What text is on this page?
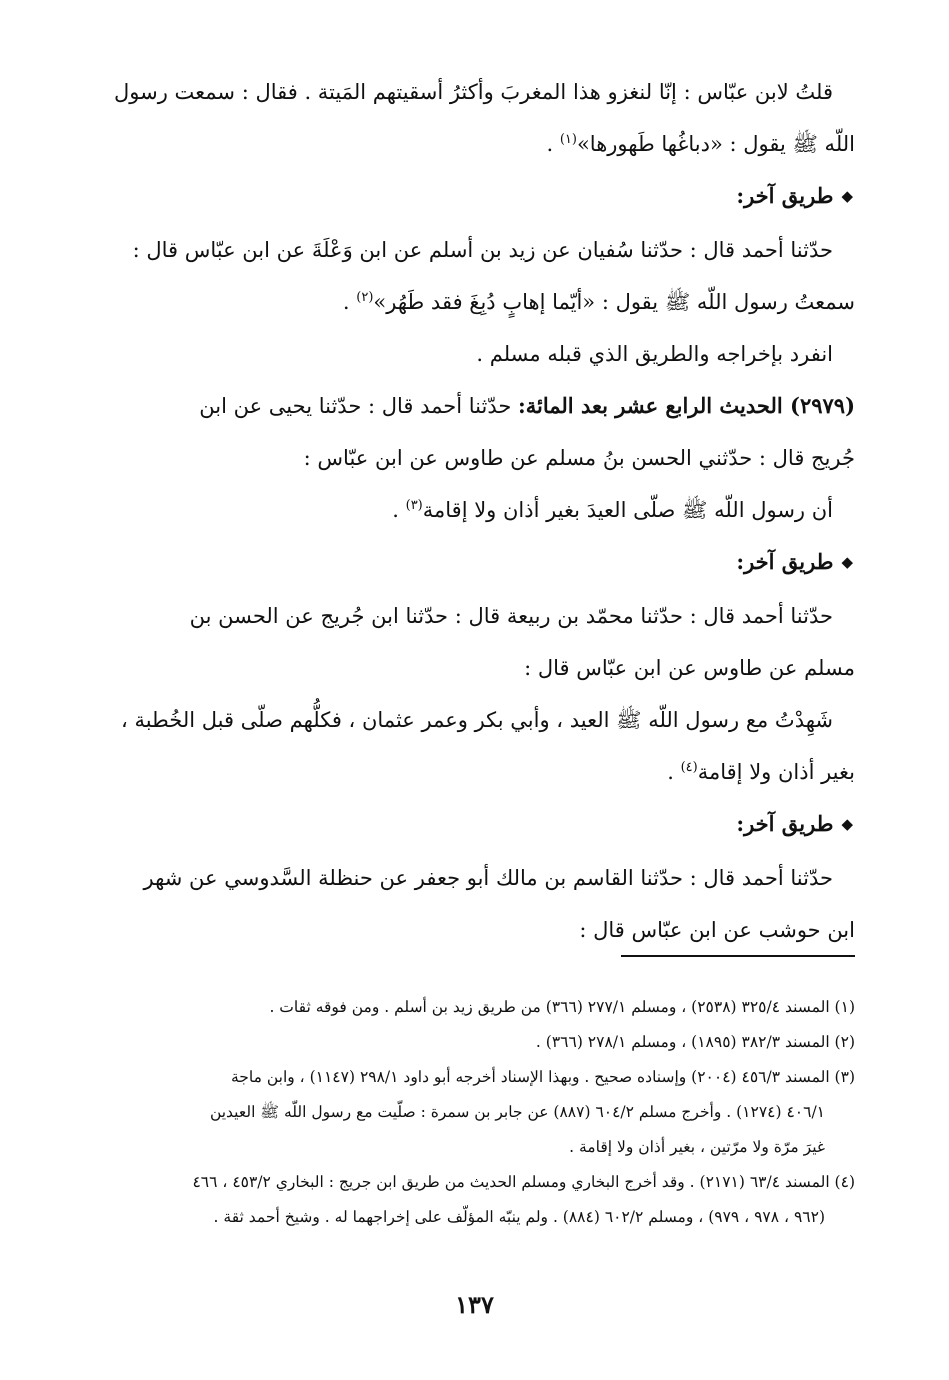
قلتُ لابن عبّاس : إنّا لنغزو هذا المغربَ وأكثرُ أسقيتهم المَيتة . فقال : سمعت رسول
اللّه ﷺ يقول : «دباغُها طَهورها»$^{(١)}$ .

◆طريق آخر:

حدّثنا أحمد قال : حدّثنا سُفيان عن زيد بن أسلم عن ابن وَعْلَةَ عن ابن عبّاس قال :
سمعتُ رسول اللّه ﷺ يقول : «أيّما إهابٍ دُبِغَ فقد طَهُر»$^{(٢)}$ .

انفرد بإخراجه والطريق الذي قبله مسلم .

(٢٩٧٩) الحديث الرابع عشر بعد المائة: حدّثنا أحمد قال : حدّثنا يحيى عن ابن
جُريج قال : حدّثني الحسن بنُ مسلم عن طاوس عن ابن عبّاس :

أن رسول اللّه ﷺ صلّى العيدَ بغير أذان ولا إقامة$^{(٣)}$ .

◆طريق آخر:

حدّثنا أحمد قال : حدّثنا محمّد بن ربيعة قال : حدّثنا ابن جُريج عن الحسن بن
مسلم عن طاوس عن ابن عبّاس قال :

شَهِدْتُ مع رسول اللّه ﷺ العيد ، وأبي بكر وعمر عثمان ، فكلُّهم صلّى قبل الخُطبة ،
بغير أذان ولا إقامة$^{(٤)}$ .

◆طريق آخر:

حدّثنا أحمد قال : حدّثنا القاسم بن مالك أبو جعفر عن حنظلة السَّدوسي عن شهر
ابن حوشب عن ابن عبّاس قال :

(١) المسند ٣٢٥/٤ (٢٥٣٨) ، ومسلم ٢٧٧/١ (٣٦٦) من طريق زيد بن أسلم . ومن فوقه ثقات .

(٢) المسند ٣٨٢/٣ (١٨٩٥) ، ومسلم ٢٧٨/١ (٣٦٦) .

(٣) المسند ٤٥٦/٣ (٢٠٠٤) وإسناده صحيح . وبهذا الإسناد أخرجه أبو داود ٢٩٨/١ (١١٤٧) ، وابن ماجة
٤٠٦/١ (١٢٧٤) . وأخرج مسلم ٦٠٤/٢ (٨٨٧) عن جابر بن سمرة : صلّيت مع رسول اللّه ﷺ العيدين
غيرَ مرّة ولا مرّتين ، بغير أذان ولا إقامة .

(٤) المسند ٦٣/٤ (٢١٧١) . وقد أخرج البخاري ومسلم الحديث من طريق ابن جريج : البخاري ٤٥٣/٢ ، ٤٦٦
(٩٦٢ ، ٩٧٨ ، ٩٧٩) ، ومسلم ٦٠٢/٢ (٨٨٤) . ولم ينبّه المؤلّف على إخراجهما له . وشيخ أحمد ثقة .

١٣٧
